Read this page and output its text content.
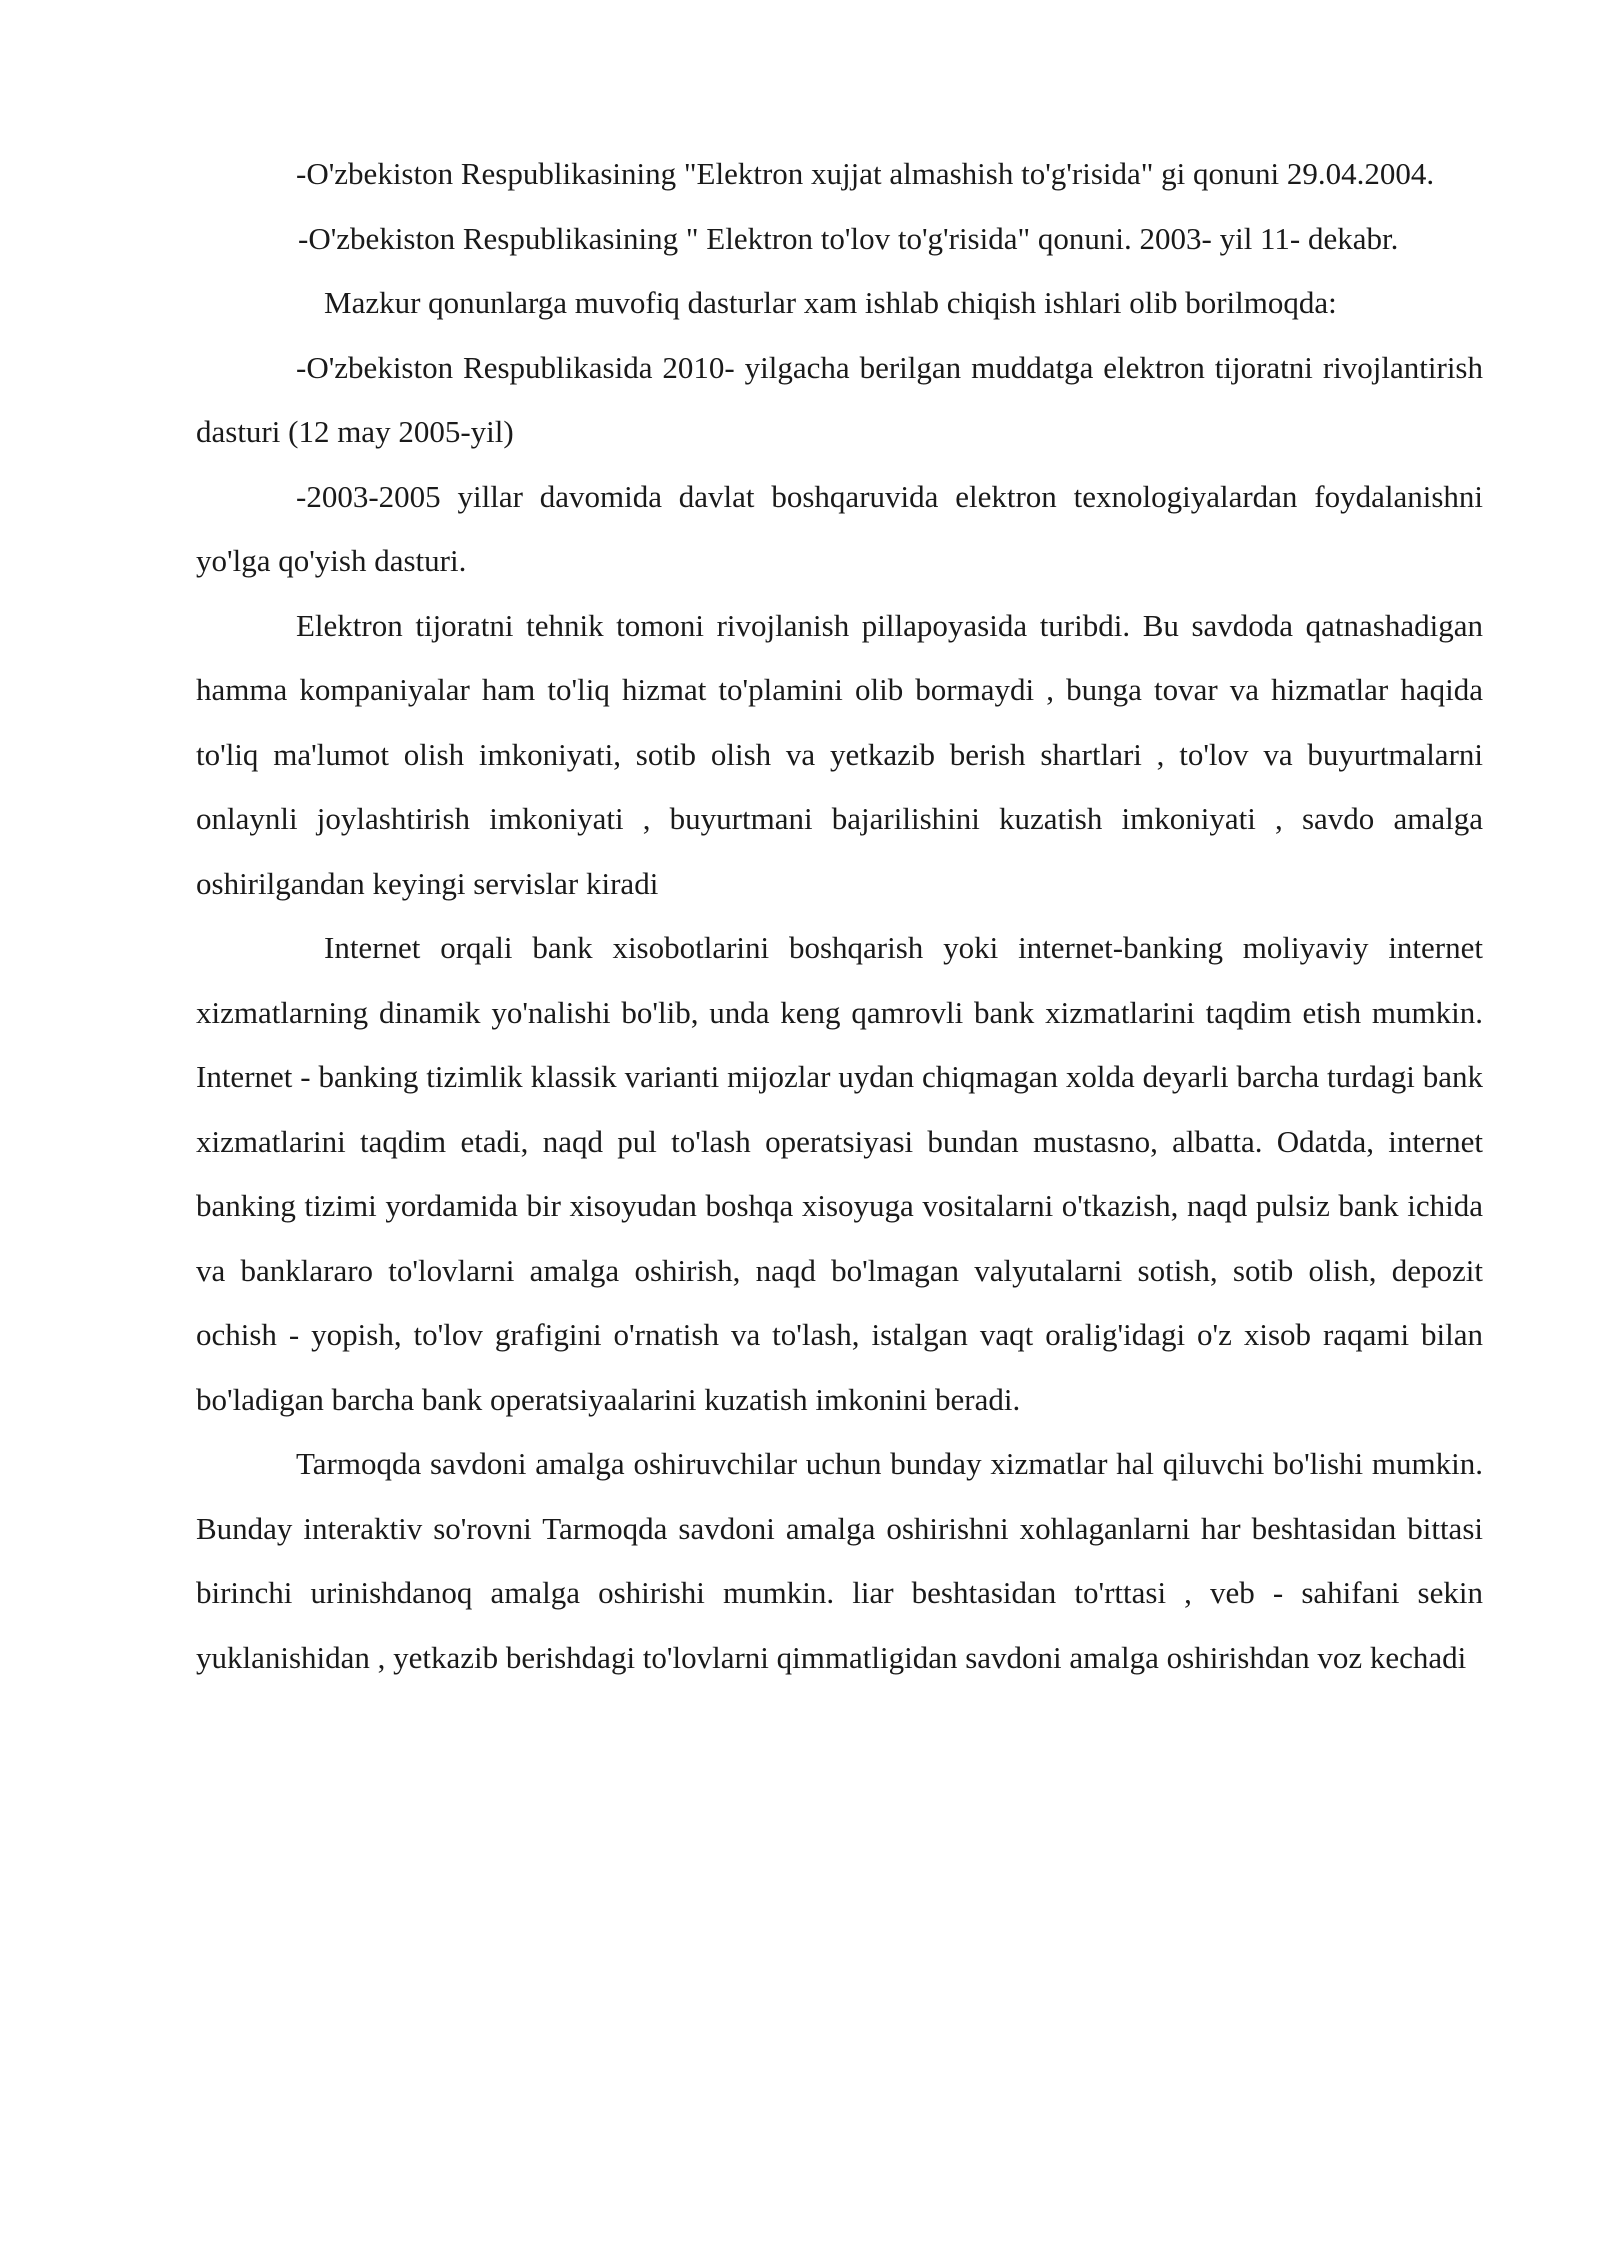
-O'zbekiston Respublikasining "Elektron xujjat almashish to'g'risida" gi qonuni 29.04.2004.

-O'zbekiston Respublikasining " Elektron to'lov to'g'risida" qonuni. 2003- yil 11- dekabr.

Mazkur qonunlarga muvofiq dasturlar xam ishlab chiqish ishlari olib borilmoqda:

-O'zbekiston Respublikasida 2010- yilgacha berilgan muddatga elektron tijoratni rivojlantirish dasturi (12 may 2005-yil)

-2003-2005 yillar davomida davlat boshqaruvida elektron texnologiyalardan foydalanishni yo'lga qo'yish dasturi.

Elektron tijoratni tehnik tomoni rivojlanish pillapoyasida turibdi. Bu savdoda qatnashadigan hamma kompaniyalar ham to'liq hizmat to'plamini olib bormaydi , bunga tovar va hizmatlar haqida to'liq ma'lumot olish imkoniyati, sotib olish va yetkazib berish shartlari , to'lov va buyurtmalarni onlaynli joylashtirish imkoniyati , buyurtmani bajarilishini kuzatish imkoniyati , savdo amalga oshirilgandan keyingi servislar kiradi

Internet orqali bank xisobotlarini boshqarish yoki internet-banking moliyaviy internet xizmatlarning dinamik yo'nalishi bo'lib, unda keng qamrovli bank xizmatlarini taqdim etish mumkin. Internet - banking tizimlik klassik varianti mijozlar uydan chiqmagan xolda deyarli barcha turdagi bank xizmatlarini taqdim etadi, naqd pul to'lash operatsiyasi bundan mustasno, albatta. Odatda, internet banking tizimi yordamida bir xisoyudan boshqa xisoyuga vositalarni o'tkazish, naqd pulsiz bank ichida va banklararo to'lovlarni amalga oshirish, naqd bo'lmagan valyutalarni sotish, sotib olish, depozit ochish - yopish, to'lov grafigini o'rnatish va to'lash, istalgan vaqt oralig'idagi o'z xisob raqami bilan bo'ladigan barcha bank operatsiyaalarini kuzatish imkonini beradi.

Tarmoqda savdoni amalga oshiruvchilar uchun bunday xizmatlar hal qiluvchi bo'lishi mumkin. Bunday interaktiv so'rovni Tarmoqda savdoni amalga oshirishni xohlaganlarni har beshtasidan bittasi birinchi urinishdanoq amalga oshirishi mumkin. liar beshtasidan to'rttasi , veb - sahifani sekin yuklanishidan , yetkazib berishdagi to'lovlarni qimmatligidan savdoni amalga oshirishdan voz kechadi
